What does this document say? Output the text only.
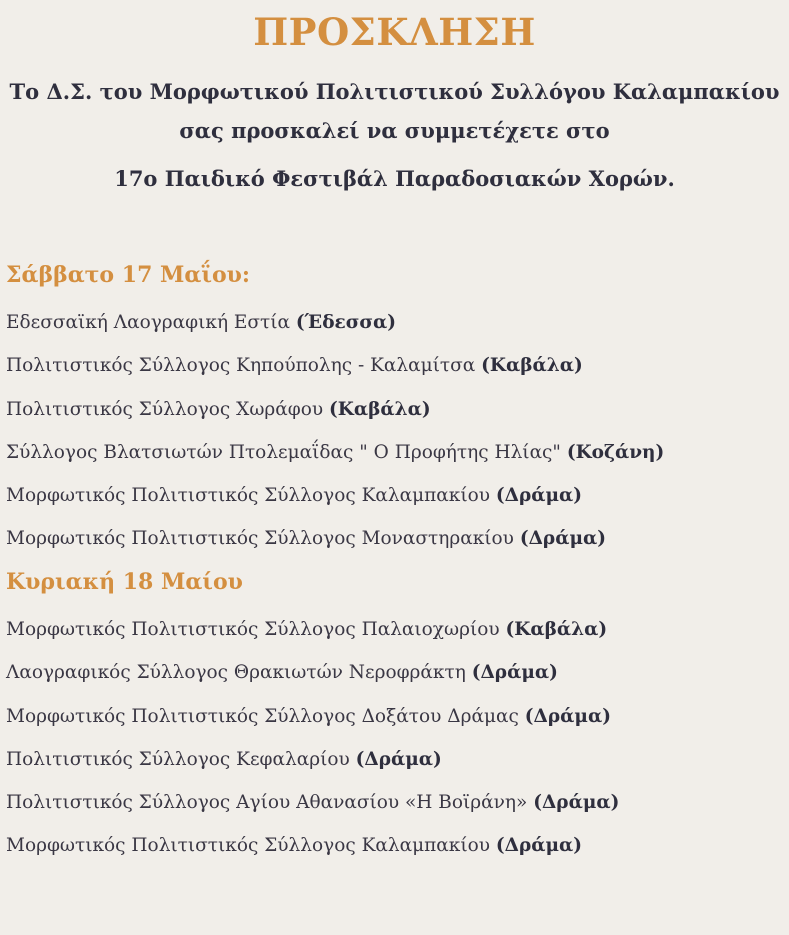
ΠΡΟΣΚΛΗΣΗ
Το Δ.Σ. του Μορφωτικού Πολιτιστικού Συλλόγου Καλαμπακίου
σας προσκαλεί να συμμετέχετε στο
17ο Παιδικό Φεστιβάλ Παραδοσιακών Χορών.
Σάββατο 17 Μαΐου:
Εδεσσαϊκή Λαογραφική Εστία (Έδεσσα)
Πολιτιστικός Σύλλογος Κηπούπολης - Καλαμίτσα (Καβάλα)
Πολιτιστικός Σύλλογος Χωράφου (Καβάλα)
Σύλλογος Βλατσιωτών Πτολεμαΐδας " Ο Προφήτης Ηλίας" (Κοζάνη)
Μορφωτικός Πολιτιστικός Σύλλογος Καλαμπακίου (Δράμα)
Μορφωτικός Πολιτιστικός Σύλλογος Μοναστηρακίου (Δράμα)
Κυριακή 18 Μαίου
Μορφωτικός Πολιτιστικός Σύλλογος Παλαιοχωρίου (Καβάλα)
Λαογραφικός Σύλλογος Θρακιωτών Νεροφράκτη (Δράμα)
Μορφωτικός Πολιτιστικός Σύλλογος Δοξάτου Δράμας (Δράμα)
Πολιτιστικός Σύλλογος Κεφαλαρίου (Δράμα)
Πολιτιστικός Σύλλογος Αγίου Αθανασίου «Η Βοϊράνη» (Δράμα)
Μορφωτικός Πολιτιστικός Σύλλογος Καλαμπακίου (Δράμα)
